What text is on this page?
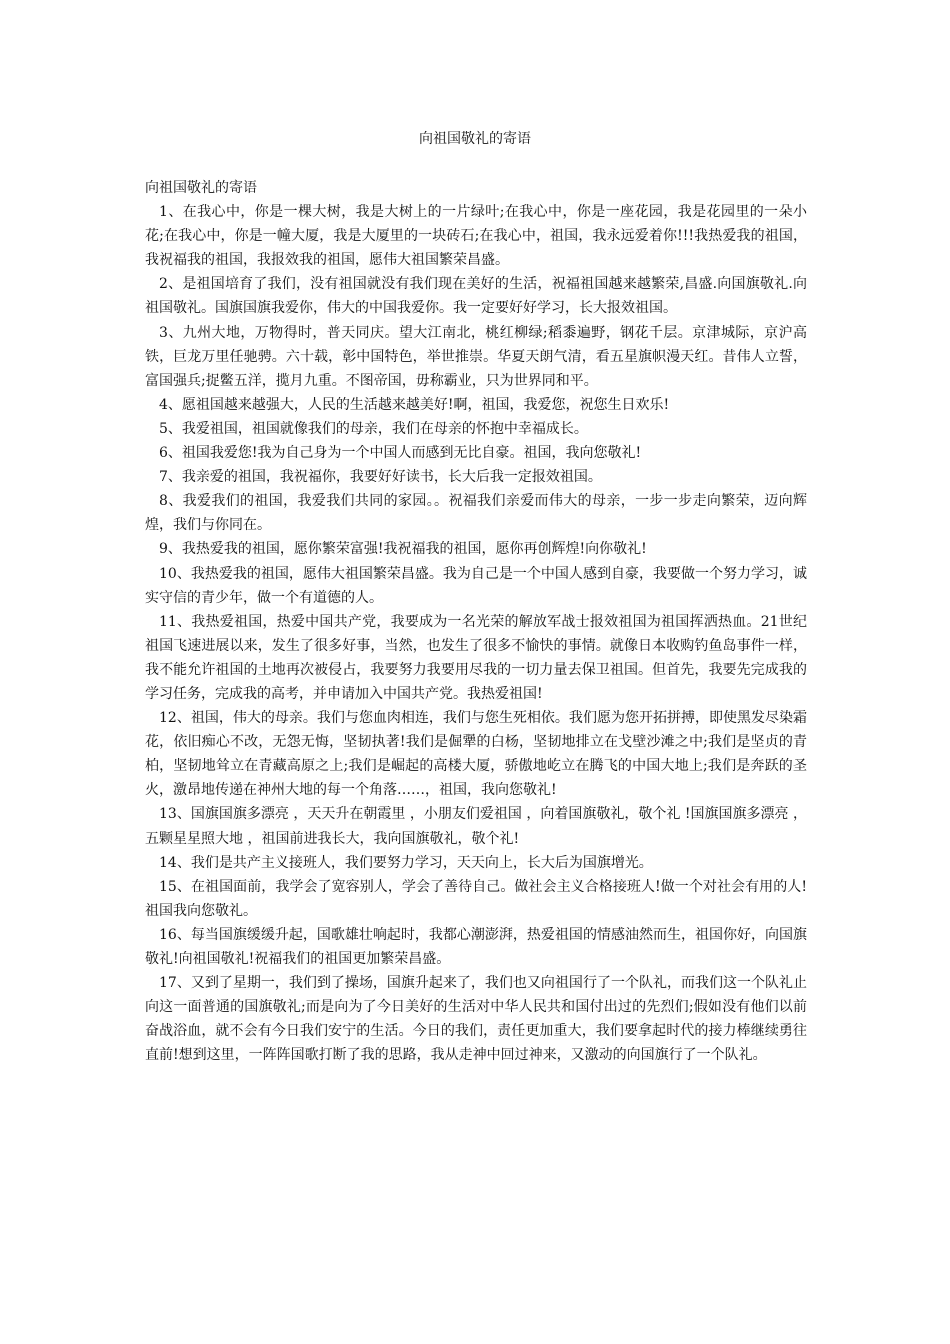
向祖国敬礼的寄语

向祖国敬礼的寄语

1、在我心中，你是一棵大树，我是大树上的一片绿叶;在我心中，你是一座花园，我是花园里的一朵小花;在我心中，你是一幢大厦，我是大厦里的一块砖石;在我心中，祖国，我永远爱着你!!!我热爱我的祖国，我祝福我的祖国，我报效我的祖国，愿伟大祖国繁荣昌盛。

2、是祖国培育了我们，没有祖国就没有我们现在美好的生活，祝福祖国越来越繁荣,昌盛.向国旗敬礼.向祖国敬礼。国旗国旗我爱你，伟大的中国我爱你。我一定要好好学习，长大报效祖国。

3、九州大地，万物得时，普天同庆。望大江南北，桃红柳绿;稻黍遍野，钢花千层。京津城际，京沪高铁，巨龙万里任驰骋。六十载，彰中国特色，举世推崇。华夏天朗气清，看五星旗帜漫天红。昔伟人立誓，富国强兵;捉鳖五洋，揽月九重。不图帝国，毋称霸业，只为世界同和平。

4、愿祖国越来越强大，人民的生活越来越美好!啊，祖国，我爱您，祝您生日欢乐!

5、我爱祖国，祖国就像我们的母亲，我们在母亲的怀抱中幸福成长。

6、祖国我爱您!我为自己身为一个中国人而感到无比自豪。祖国，我向您敬礼!

7、我亲爱的祖国，我祝福你，我要好好读书，长大后我一定报效祖国。

8、我爱我们的祖国，我爱我们共同的家园。。祝福我们亲爱而伟大的母亲，一步一步走向繁荣，迈向辉煌，我们与你同在。

9、我热爱我的祖国，愿你繁荣富强!我祝福我的祖国，愿你再创辉煌!向你敬礼!

10、我热爱我的祖国，愿伟大祖国繁荣昌盛。我为自己是一个中国人感到自豪，我要做一个努力学习，诚实守信的青少年，做一个有道德的人。

11、我热爱祖国，热爱中国共产党，我要成为一名光荣的解放军战士报效祖国为祖国挥洒热血。21世纪祖国飞速进展以来，发生了很多好事，当然，也发生了很多不愉快的事情。就像日本收购钓鱼岛事件一样，我不能允许祖国的土地再次被侵占，我要努力我要用尽我的一切力量去保卫祖国。但首先，我要先完成我的学习任务，完成我的高考，并申请加入中国共产党。我热爱祖国!

12、祖国，伟大的母亲。我们与您血肉相连，我们与您生死相依。我们愿为您开拓拼搏，即使黑发尽染霜花，依旧痴心不改，无怨无悔，坚韧执著!我们是倔犟的白杨，坚韧地排立在戈壁沙滩之中;我们是坚贞的青柏，坚韧地耸立在青藏高原之上;我们是崛起的高楼大厦，骄傲地屹立在腾飞的中国大地上;我们是奔跃的圣火，激昂地传递在神州大地的每一个角落……，祖国，我向您敬礼!

13、国旗国旗多漂亮 ，天天升在朝霞里 ，小朋友们爱祖国 ，向着国旗敬礼，敬个礼 !国旗国旗多漂亮 ，五颗星星照大地 ，祖国前进我长大，我向国旗敬礼，敬个礼!

14、我们是共产主义接班人，我们要努力学习，天天向上，长大后为国旗增光。

15、在祖国面前，我学会了宽容别人，学会了善待自己。做社会主义合格接班人!做一个对社会有用的人!祖国我向您敬礼。

16、每当国旗缓缓升起，国歌雄壮响起时，我都心潮澎湃，热爱祖国的情感油然而生，祖国你好，向国旗敬礼!向祖国敬礼!祝福我们的祖国更加繁荣昌盛。

17、又到了星期一，我们到了操场，国旗升起来了，我们也又向祖国行了一个队礼，而我们这一个队礼止向这一面普通的国旗敬礼;而是向为了今日美好的生活对中华人民共和国付出过的先烈们;假如没有他们以前奋战浴血，就不会有今日我们安宁的生活。今日的我们，责任更加重大，我们要拿起时代的接力棒继续勇往直前!想到这里，一阵阵国歌打断了我的思路，我从走神中回过神来，又激动的向国旗行了一个队礼。
